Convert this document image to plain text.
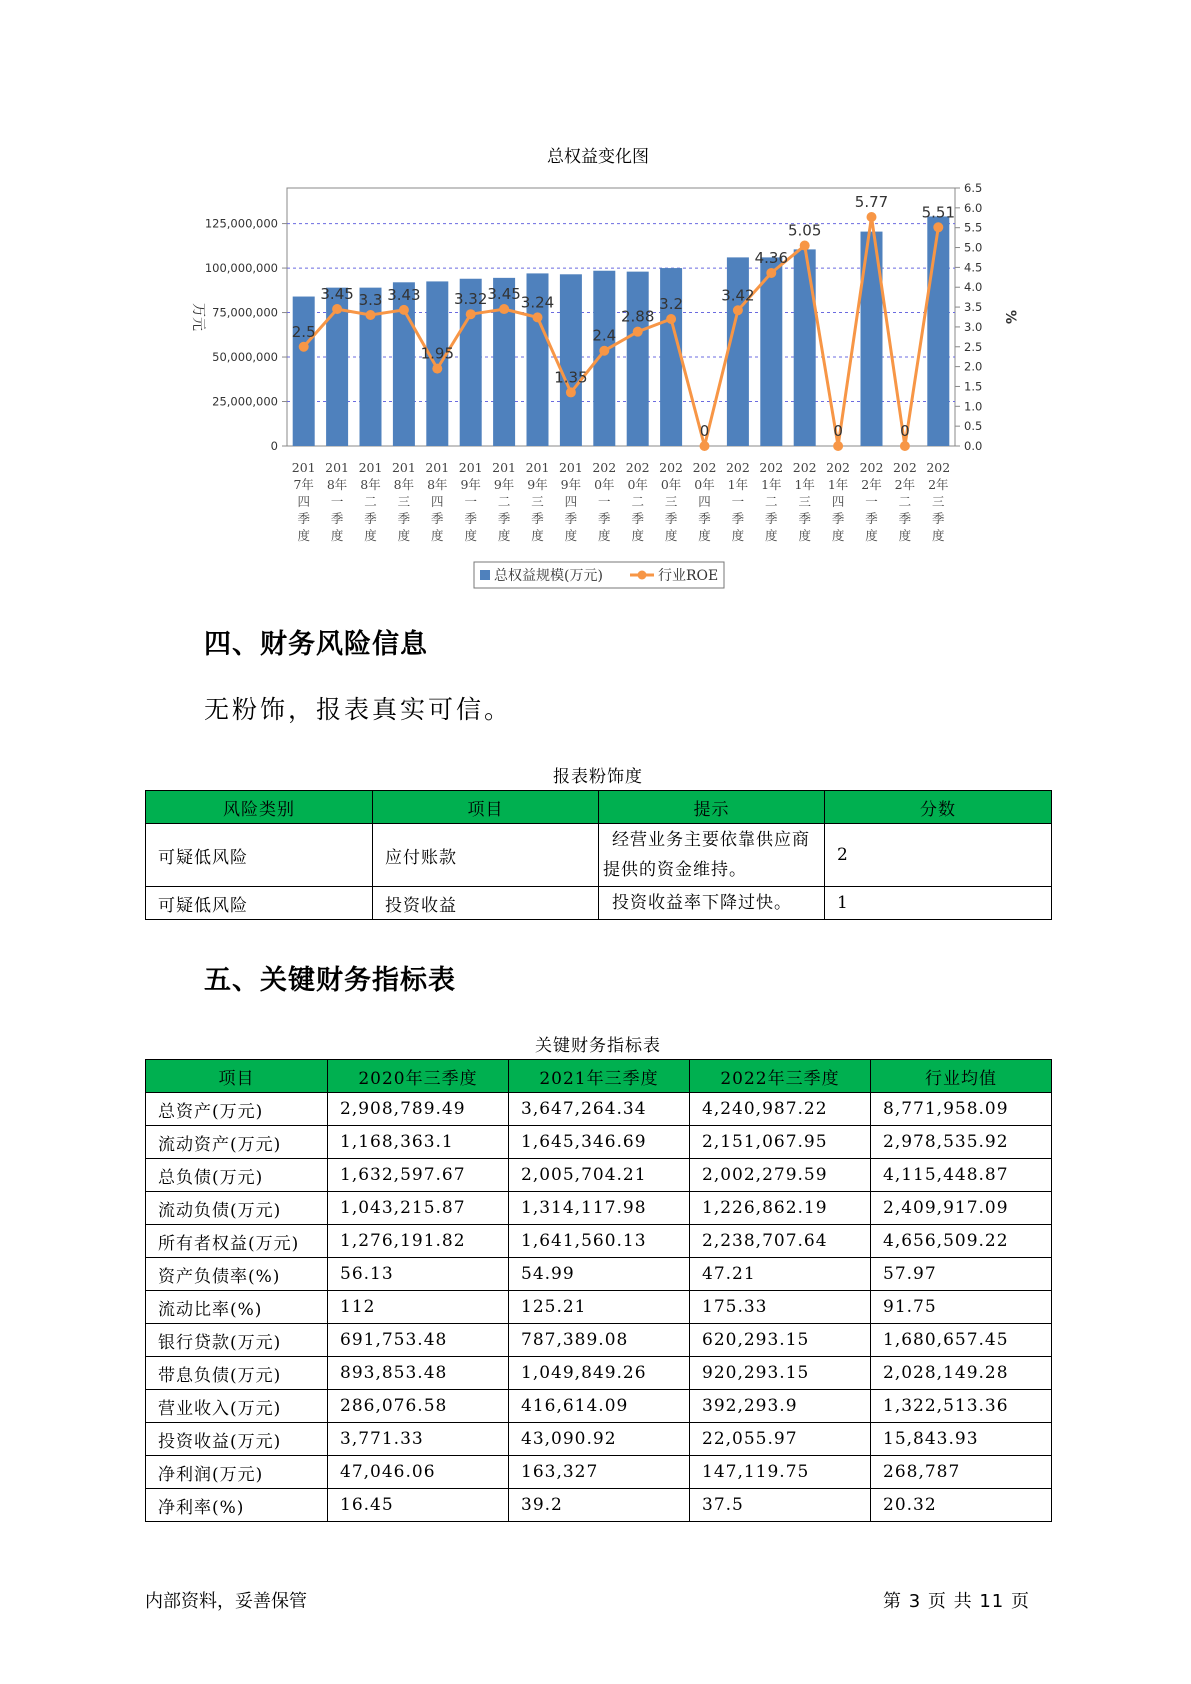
总权益变化图
0
25,000,000
50,000,000
75,000,000
100,000,000
125,000,000
0.0
0.5
1.0
1.5
2.0
2.5
3.0
3.5
4.0
4.5
5.0
5.5
6.0
6.5
万元	%
2.5
3.45 3.3 3.43
1.95
3.32 3.45 3.24
1.35
2.4
2.88
3.2
0
3.42
4.36
5.05
0
5.77
0
5.51
201
7年
四
季
度
201
8年
一
季
度
201
8年
二
季
度
201
8年
三
季
度
201
8年
四
季
度
201
9年
一
季
度
201
9年
二
季
度
201
9年
三
季
度
201
9年
四
季
度
202
0年
一
季
度
202
0年
二
季
度
202
0年
三
季
度
202
0年
四
季
度
202
1年
一
季
度
202
1年
二
季
度
202
1年
三
季
度
202
1年
四
季
度
202
2年
一
季
度
202
2年
二
季
度
202
2年
三
季
度
总权益规模(万元)	行业ROE
四、财务风险信息
无粉饰，报表真实可信。
报表粉饰度
风险类别	项目	提示	分数
可疑低风险	应付账款	经营业务主要依靠供应商提供的资金维持。	2
可疑低风险	投资收益	投资收益率下降过快。	1
五、关键财务指标表
关键财务指标表
项目	2020年三季度	2021年三季度	2022年三季度	行业均值
总资产(万元)	2,908,789.49	3,647,264.34	4,240,987.22	8,771,958.09
流动资产(万元)	1,168,363.1	1,645,346.69	2,151,067.95	2,978,535.92
总负债(万元)	1,632,597.67	2,005,704.21	2,002,279.59	4,115,448.87
流动负债(万元)	1,043,215.87	1,314,117.98	1,226,862.19	2,409,917.09
所有者权益(万元)	1,276,191.82	1,641,560.13	2,238,707.64	4,656,509.22
资产负债率(%)	56.13	54.99	47.21	57.97
流动比率(%)	112	125.21	175.33	91.75
银行贷款(万元)	691,753.48	787,389.08	620,293.15	1,680,657.45
带息负债(万元)	893,853.48	1,049,849.26	920,293.15	2,028,149.28
营业收入(万元)	286,076.58	416,614.09	392,293.9	1,322,513.36
投资收益(万元)	3,771.33	43,090.92	22,055.97	15,843.93
净利润(万元)	47,046.06	163,327	147,119.75	268,787
净利率(%)	16.45	39.2	37.5	20.32
内部资料，妥善保管	第 3 页 共 11 页
